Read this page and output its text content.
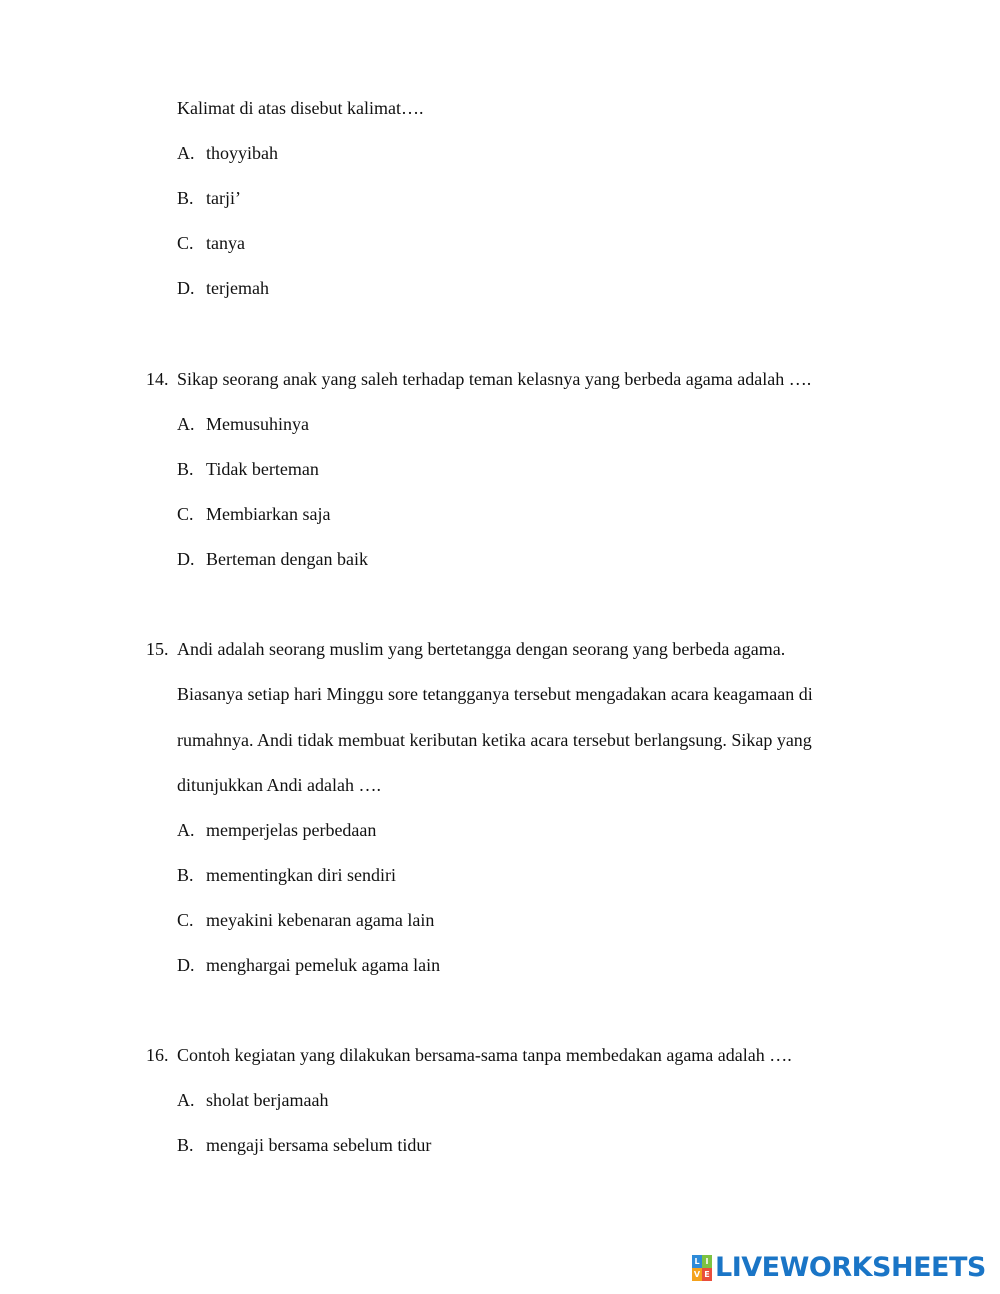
Kalimat di atas disebut kalimat….
A. thoyyibah
B. tarji’
C. tanya
D. terjemah
14. Sikap seorang anak yang saleh terhadap teman kelasnya yang berbeda agama adalah ….
A. Memusuhinya
B. Tidak berteman
C. Membiarkan saja
D. Berteman dengan baik
15. Andi adalah seorang muslim yang bertetangga dengan seorang yang berbeda agama.
Biasanya setiap hari Minggu sore tetangganya tersebut mengadakan acara keagamaan di
rumahnya. Andi tidak membuat keributan ketika acara tersebut berlangsung. Sikap yang
ditunjukkan Andi adalah ….
A. memperjelas perbedaan
B. mementingkan diri sendiri
C. meyakini kebenaran agama lain
D. menghargai pemeluk agama lain
16. Contoh kegiatan yang dilakukan bersama-sama tanpa membedakan agama adalah ….
A. sholat berjamaah
B. mengaji bersama sebelum tidur
L I
V E LIVEWORKSHEETS
